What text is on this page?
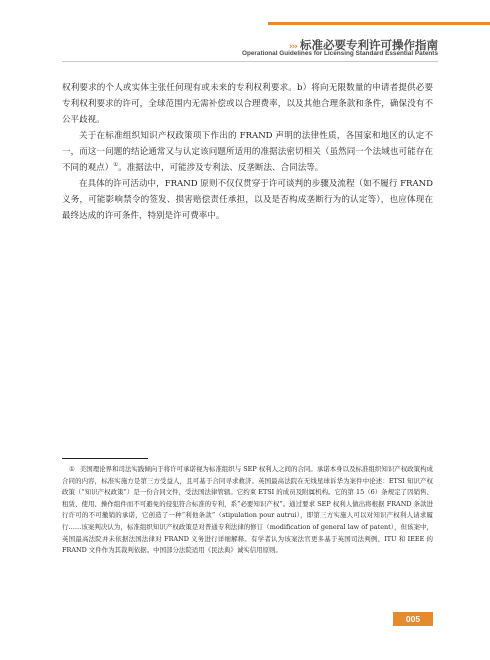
››› 标准必要专利许可操作指南
Operational Guidelines for Licensing Standard Essential Patents

权利要求的个人或实体主张任何现有或未来的专利权利要求。b）将向无限数量的申请者提供必要专利权利要求的许可，全球范围内无需补偿或以合理费率，以及其他合理条款和条件，确保没有不公平歧视。

关于在标准组织知识产权政策项下作出的 FRAND 声明的法律性质，各国家和地区的认定不一，而这一问题的结论通常又与认定该问题所适用的准据法密切相关（虽然同一个法域也可能存在不同的观点）①。准据法中，可能涉及专利法、反垄断法、合同法等。

在具体的许可活动中，FRAND 原则不仅仅贯穿于许可谈判的步骤及流程（如不履行 FRAND 义务，可能影响禁令的签发、损害赔偿责任承担，以及是否构成垄断行为的认定等），也应体现在最终达成的许可条件，特别是许可费率中。

① 美国理论界和司法实践倾向于将许可承诺视为标准组织与 SEP 权利人之间的合同。承诺本身以及标准组织知识产权政策构成合同的内容，标准实施方是第三方受益人，且可基于合同寻求救济。英国最高法院在无线星球诉华为案件中论述：ETSI 知识产权政策（“知识产权政策”）是一份合同文件，受法国法律管辖。它约束 ETSI 的成员及附属机构。它的第 15（6）条规定了因销售、租赁、使用、操作组件而不可避免的侵犯符合标准的专利，系“必要知识产权”。通过要求 SEP 权利人做出将根据 FRAND 条款进行许可的不可撤销的承诺，它创造了一种“利他条款”（stipulation pour autrui），即第三方实施人可以对知识产权利人请求履行……该案判决认为，标准组织知识产权政策是对普通专利法律的修订（modification of general law of patent），但该案中，英国最高法院并未依据法国法律对 FRAND 义务进行详细解释。有学者认为该案法官更多基于英国司法判例、ITU 和 IEEE 的 FRAND 文件作为其裁判依据。中国部分法院适用《民法典》诚实信用原则。
005
